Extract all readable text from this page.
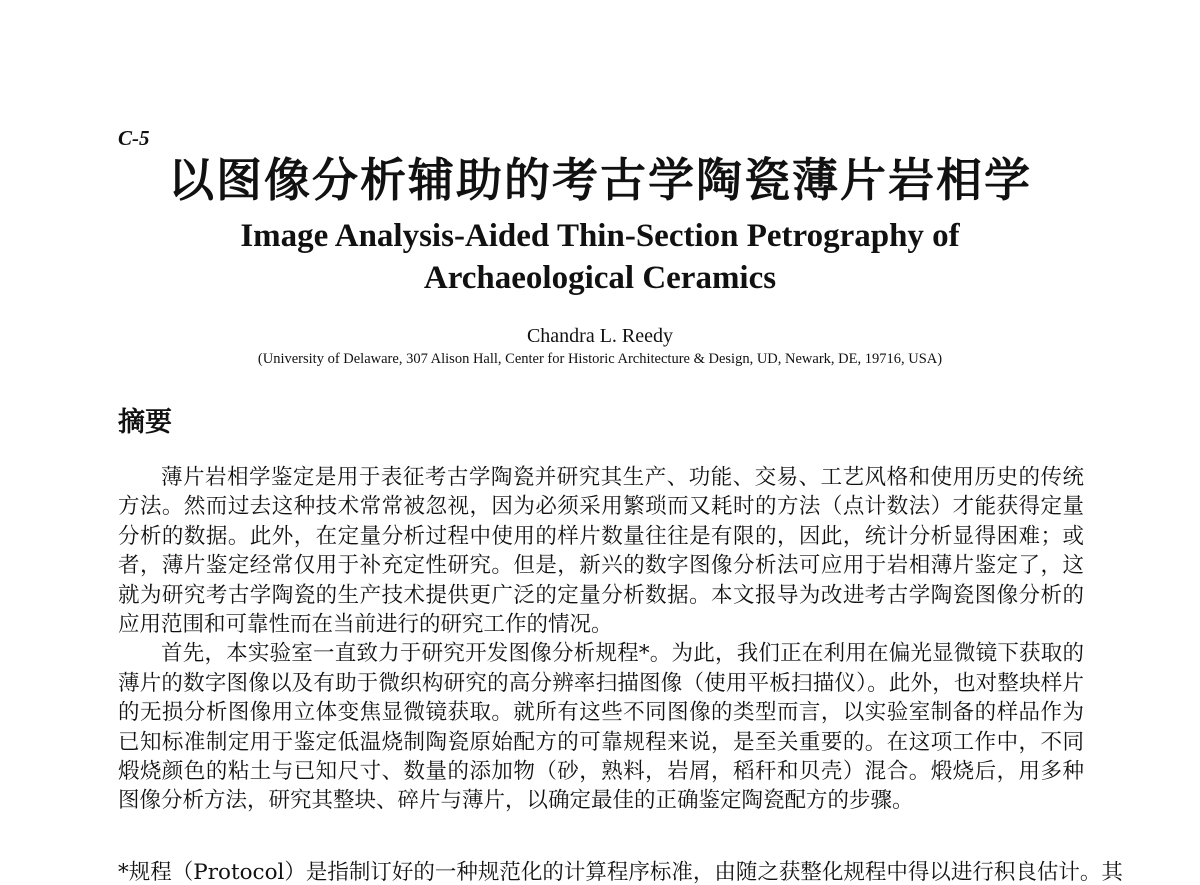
C-5
以图像分析辅助的考古学陶瓷薄片岩相学
Image Analysis-Aided Thin-Section Petrography of
Archaeological Ceramics
Chandra L. Reedy
(University of Delaware, 307 Alison Hall, Center for Historic Architecture & Design, UD, Newark, DE, 19716, USA)
摘要

薄片岩相学鉴定是用于表征考古学陶瓷并研究其生产、功能、交易、工艺风格和使用历史的传统方法。然而过去这种技术常常被忽视，因为必须采用繁琐而又耗时的方法（点计数法）才能获得定量分析的数据。此外，在定量分析过程中使用的样片数量往往是有限的，因此，统计分析显得困难；或者，薄片鉴定经常仅用于补充定性研究。但是，新兴的数字图像分析法可应用于岩相薄片鉴定了，这就为研究考古学陶瓷的生产技术提供更广泛的定量分析数据。本文报导为改进考古学陶瓷图像分析的应用范围和可靠性而在当前进行的研究工作的情况。

首先，本实验室一直致力于研究开发图像分析规程*。为此，我们正在利用在偏光显微镜下获取的薄片的数字图像以及有助于微织构研究的高分辨率扫描图像（使用平板扫描仪）。此外，也对整块样片的无损分析图像用立体变焦显微镜获取。就所有这些不同图像的类型而言，以实验室制备的样品作为已知标准制定用于鉴定低温烧制陶瓷原始配方的可靠规程来说，是至关重要的。在这项工作中，不同煅烧颜色的粘土与已知尺寸、数量的添加物（砂，熟料，岩屑，稻秆和贝壳）混合。煅烧后，用多种图像分析方法，研究其整块、碎片与薄片，以确定最佳的正确鉴定陶瓷配方的步骤。

*规程（Protocol）是指制订好的一种规范化的计算程序标准，由随之获整化规程中得以进行积良估计。其
